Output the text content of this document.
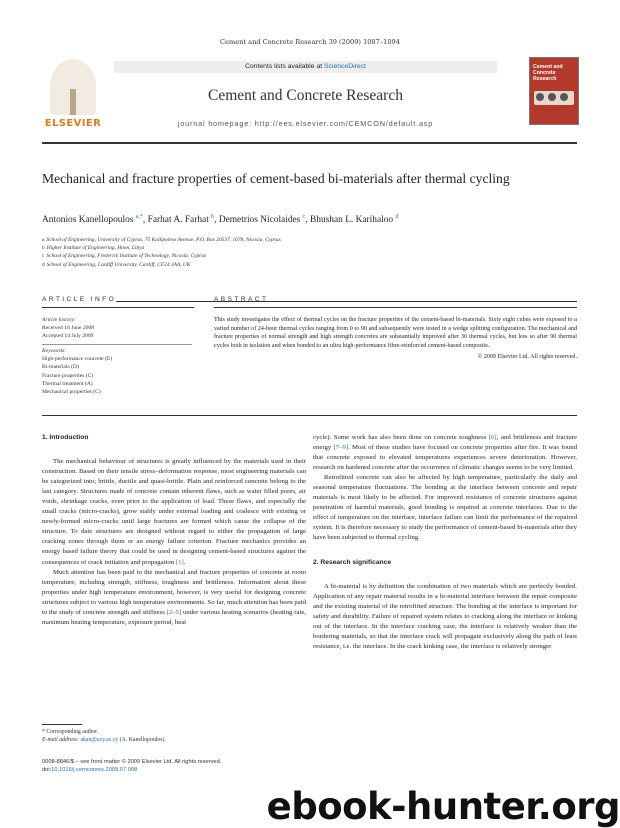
Cement and Concrete Research 39 (2009) 1087–1094
ELSEVIER
Contents lists available at ScienceDirect
Cement and Concrete Research
journal homepage: http://ees.elsevier.com/CEMCON/default.asp
Cement and Concrete Research
Mechanical and fracture properties of cement-based bi-materials after thermal cycling
Antonios Kanellopoulos $^{a,*}$, Farhat A. Farhat $^b$, Demetrios Nicolaides $^c$, Bhushan L. Karihaloo $^d$
a School of Engineering, University of Cyprus, 75 Kallipoleos Avenue, P.O. Box 20537, 1678, Nicosia, Cyprus
b Higher Institute of Engineering, Hoon, Libya
c School of Engineering, Frederick Institute of Technology, Nicosia, Cyprus
d School of Engineering, Cardiff University, Cardiff, CF24 3AA, UK
ARTICLE INFO	ABSTRACT
Article history:
Received 16 June 2008
Accepted 14 July 2009
Keywords:
High-performance concrete (E)
Bi-materials (D)
Fracture properties (C)
Thermal treatment (A)
Mechanical properties (C)
This study investigates the effect of thermal cycles on the fracture properties of the cement-based bi-materials. Sixty eight cubes were exposed to a varied number of 24-hour thermal cycles ranging from 0 to 90 and subsequently were tested in a wedge splitting configuration. The mechanical and fracture properties of normal strength and high strength concretes are substantially improved after 30 thermal cycles, but less so after 90 thermal cycles both in isolation and when bonded to an ultra high-performance fibre-reinforced cement-based composite.
© 2009 Elsevier Ltd. All rights reserved.
1. Introduction

The mechanical behaviour of structures is greatly influenced by the materials used in their construction. Based on their tensile stress–deformation response, most engineering materials can be categorized into; brittle, ductile and quasi-brittle. Plain and reinforced concrete belong to the last category. Structures made of concrete contain inherent flaws, such as water filled pores, air voids, shrinkage cracks, even prior to the application of load. These flaws, and especially the small cracks (micro-cracks), grow stably under external loading and coalesce with existing or newly-formed micro-cracks until large fractures are formed which cause the collapse of the structure. To date structures are designed without regard to either the propagation of large cracking zones through them or an energy failure criterion. Fracture mechanics provides an energy based failure theory that could be used in designing cement-based structures against the consequences of crack initiation and propagation [1].

Much attention has been paid to the mechanical and fracture properties of concrete at room temperature, including strength, stiffness, toughness and brittleness. Information about these properties under high temperature environment, however, is very useful for designing concrete structures subject to various high temperature environments. So far, much attention has been paid to the study of concrete strength and stiffness [2–5] under various heating scenarios (heating rate, maximum heating temperature, exposure period, heat

cycle). Some work has also been done on concrete toughness [6], and brittleness and fracture energy [7–9]. Most of these studies have focused on concrete properties after fire. It was found that concrete exposed to elevated temperatures experiences severe deterioration. However, research on hardened concrete after the occurrence of climatic changes seems to be very limited.

Retrofitted concrete can also be affected by high temperature, particularly the daily and seasonal temperature fluctuations. The bonding at the interface between concrete and repair materials is most likely to be affected. For improved resistance of concrete structures against penetration of harmful materials, good bonding is required at concrete interfaces. Due to the effect of temperature on the interface, interface failure can limit the performance of the repaired system. It is therefore necessary to study the performance of cement-based bi-materials after they have been subjected to thermal cycling.

2. Research significance

A bi-material is by definition the combination of two materials which are perfectly bonded. Application of any repair material results in a bi-material interface between the repair composite and the existing material of the retrofitted structure. The bonding at the interface is important for safety and durability. Failure of repaired system relates to cracking along the interface or kinking out of the interface. In the interface cracking case, the interface is relatively weaker than the bordering materials, so that the interface crack will propagate exclusively along the path of least resistance, i.e. the interface. In the crack kinking case, the interface is relatively stronger

* Corresponding author.
E-mail address: akan@ucy.ac.cy (A. Kanellopoulos).
0008-8846/$ – see front matter © 2009 Elsevier Ltd. All rights reserved.
doi:10.1016/j.cemconres.2009.07.008
ebook-hunter.org
